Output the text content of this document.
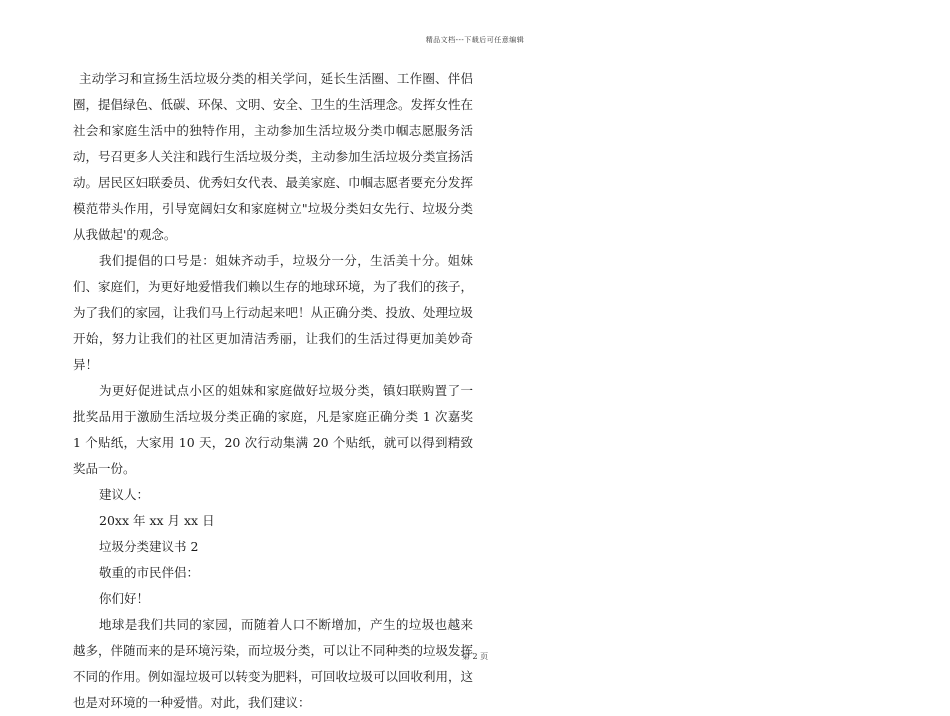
精品文档---下载后可任意编辑

主动学习和宣扬生活垃圾分类的相关学问，延长生活圈、工作圈、伴侣圈，提倡绿色、低碳、环保、文明、安全、卫生的生活理念。发挥女性在社会和家庭生活中的独特作用，主动参加生活垃圾分类巾帼志愿服务活动，号召更多人关注和践行生活垃圾分类，主动参加生活垃圾分类宣扬活动。居民区妇联委员、优秀妇女代表、最美家庭、巾帼志愿者要充分发挥模范带头作用，引导宽阔妇女和家庭树立"垃圾分类妇女先行、垃圾分类从我做起'的观念。

我们提倡的口号是：姐妹齐动手，垃圾分一分，生活美十分。姐妹们、家庭们，为更好地爱惜我们赖以生存的地球环境，为了我们的孩子，为了我们的家园，让我们马上行动起来吧！从正确分类、投放、处理垃圾开始，努力让我们的社区更加清洁秀丽，让我们的生活过得更加美妙奇异！

为更好促进试点小区的姐妹和家庭做好垃圾分类，镇妇联购置了一批奖品用于激励生活垃圾分类正确的家庭，凡是家庭正确分类 1 次嘉奖 1 个贴纸，大家用 10 天，20 次行动集满 20 个贴纸，就可以得到精致奖品一份。

建议人：

20xx 年 xx 月 xx 日

垃圾分类建议书 2

敬重的市民伴侣：

你们好！

地球是我们共同的家园，而随着人口不断增加，产生的垃圾也越来越多，伴随而来的是环境污染，而垃圾分类，可以让不同种类的垃圾发挥不同的作用。例如湿垃圾可以转变为肥料，可回收垃圾可以回收利用，这也是对环境的一种爱惜。对此，我们建议：

第 2 页
